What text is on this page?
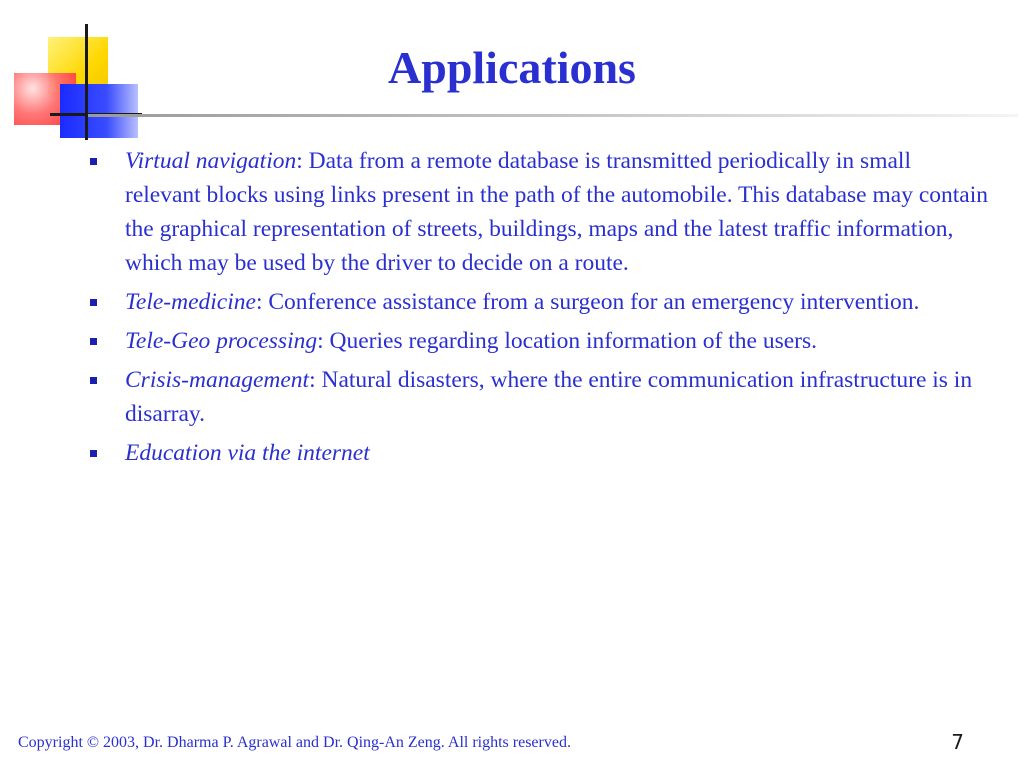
Applications
Virtual navigation: Data from a remote database is transmitted periodically in small relevant blocks using links present in the path of the automobile. This database may contain the graphical representation of streets, buildings, maps and the latest traffic information, which may be used by the driver to decide on a route.
Tele-medicine: Conference assistance from a surgeon for an emergency intervention.
Tele-Geo processing: Queries regarding location information of the users.
Crisis-management: Natural disasters, where the entire communication infrastructure is in disarray.
Education via the internet
Copyright © 2003, Dr. Dharma P. Agrawal and Dr. Qing-An Zeng. All rights reserved.	7
